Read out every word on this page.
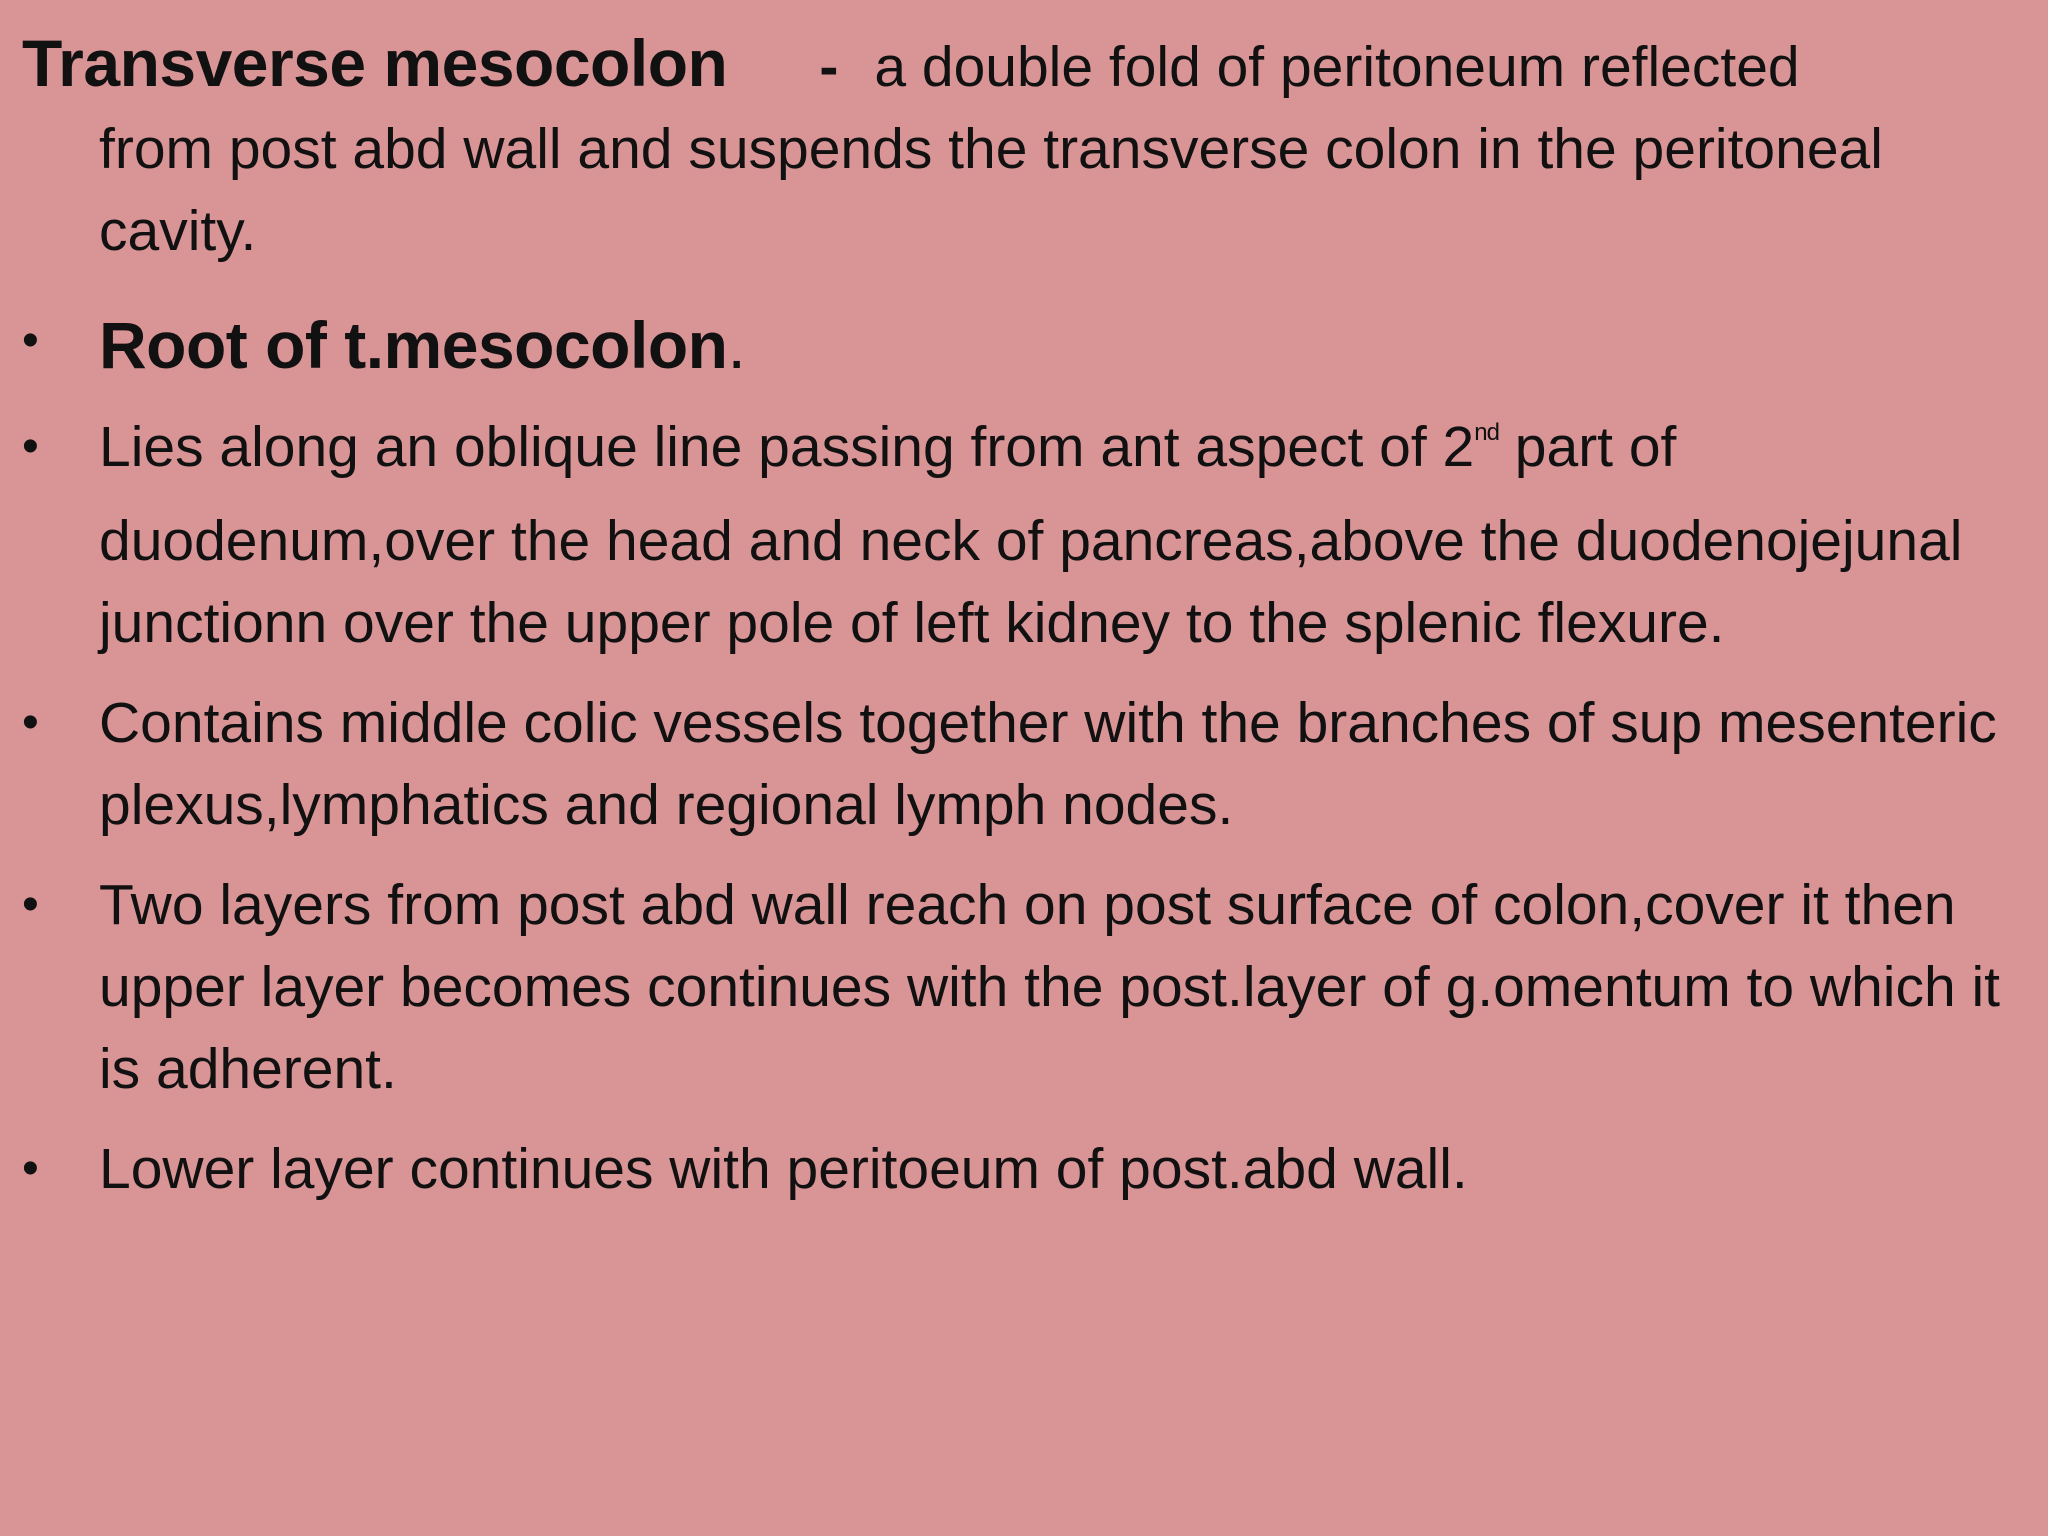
Transverse mesocolon - a double fold of peritoneum reflected
from post abd wall and suspends the transverse colon in the peritoneal cavity.
• Root of t.mesocolon.
•	Lies along an oblique line passing from ant aspect of 2nd part of duodenum,over the head and neck of pancreas,above the duodenojejunal junctionn over the upper pole of left kidney to the splenic flexure.
•	Contains middle colic vessels together with the branches of sup mesenteric plexus,lymphatics and regional lymph nodes.
•	Two layers from post abd wall reach on post surface of colon,cover it then upper layer becomes continues with the post.layer of g.omentum to which it is adherent.
•	Lower layer continues with peritoeum of post.abd wall.
